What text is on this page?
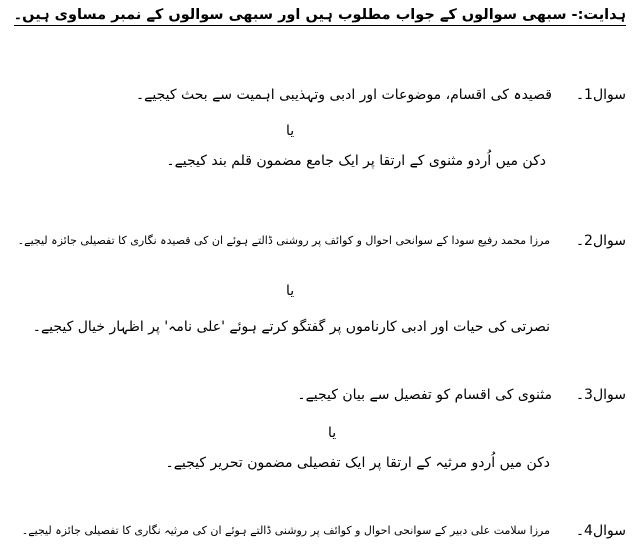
ہدایت:- سبھی سوالوں کے جواب مطلوب ہیں اور سبھی سوالوں کے نمبر مساوی ہیں۔
سوال1۔
قصیدہ کی اقسام، موضوعات اور ادبی وتہذیبی اہمیت سے بحث کیجیے۔
یا
دکن میں اُردو مثنوی کے ارتقا پر ایک جامع مضمون قلم بند کیجیے۔
سوال2۔
مرزا محمد رفیع سودا کے سوانحی احوال و کوائف پر روشنی ڈالتے ہوئے ان کی قصیدہ نگاری کا تفصیلی جائزہ لیجیے۔
یا
نصرتی کی حیات اور ادبی کارناموں پر گفتگو کرتے ہوئے 'علی نامہ' پر اظہار خیال کیجیے۔
سوال3۔
مثنوی کی اقسام کو تفصیل سے بیان کیجیے۔
یا
دکن میں اُردو مرثیہ کے ارتقا پر ایک تفصیلی مضمون تحریر کیجیے۔
سوال4۔
مرزا سلامت علی دبیر کے سوانحی احوال و کوائف پر روشنی ڈالتے ہوئے ان کی مرثیہ نگاری کا تفصیلی جائزہ لیجیے۔
